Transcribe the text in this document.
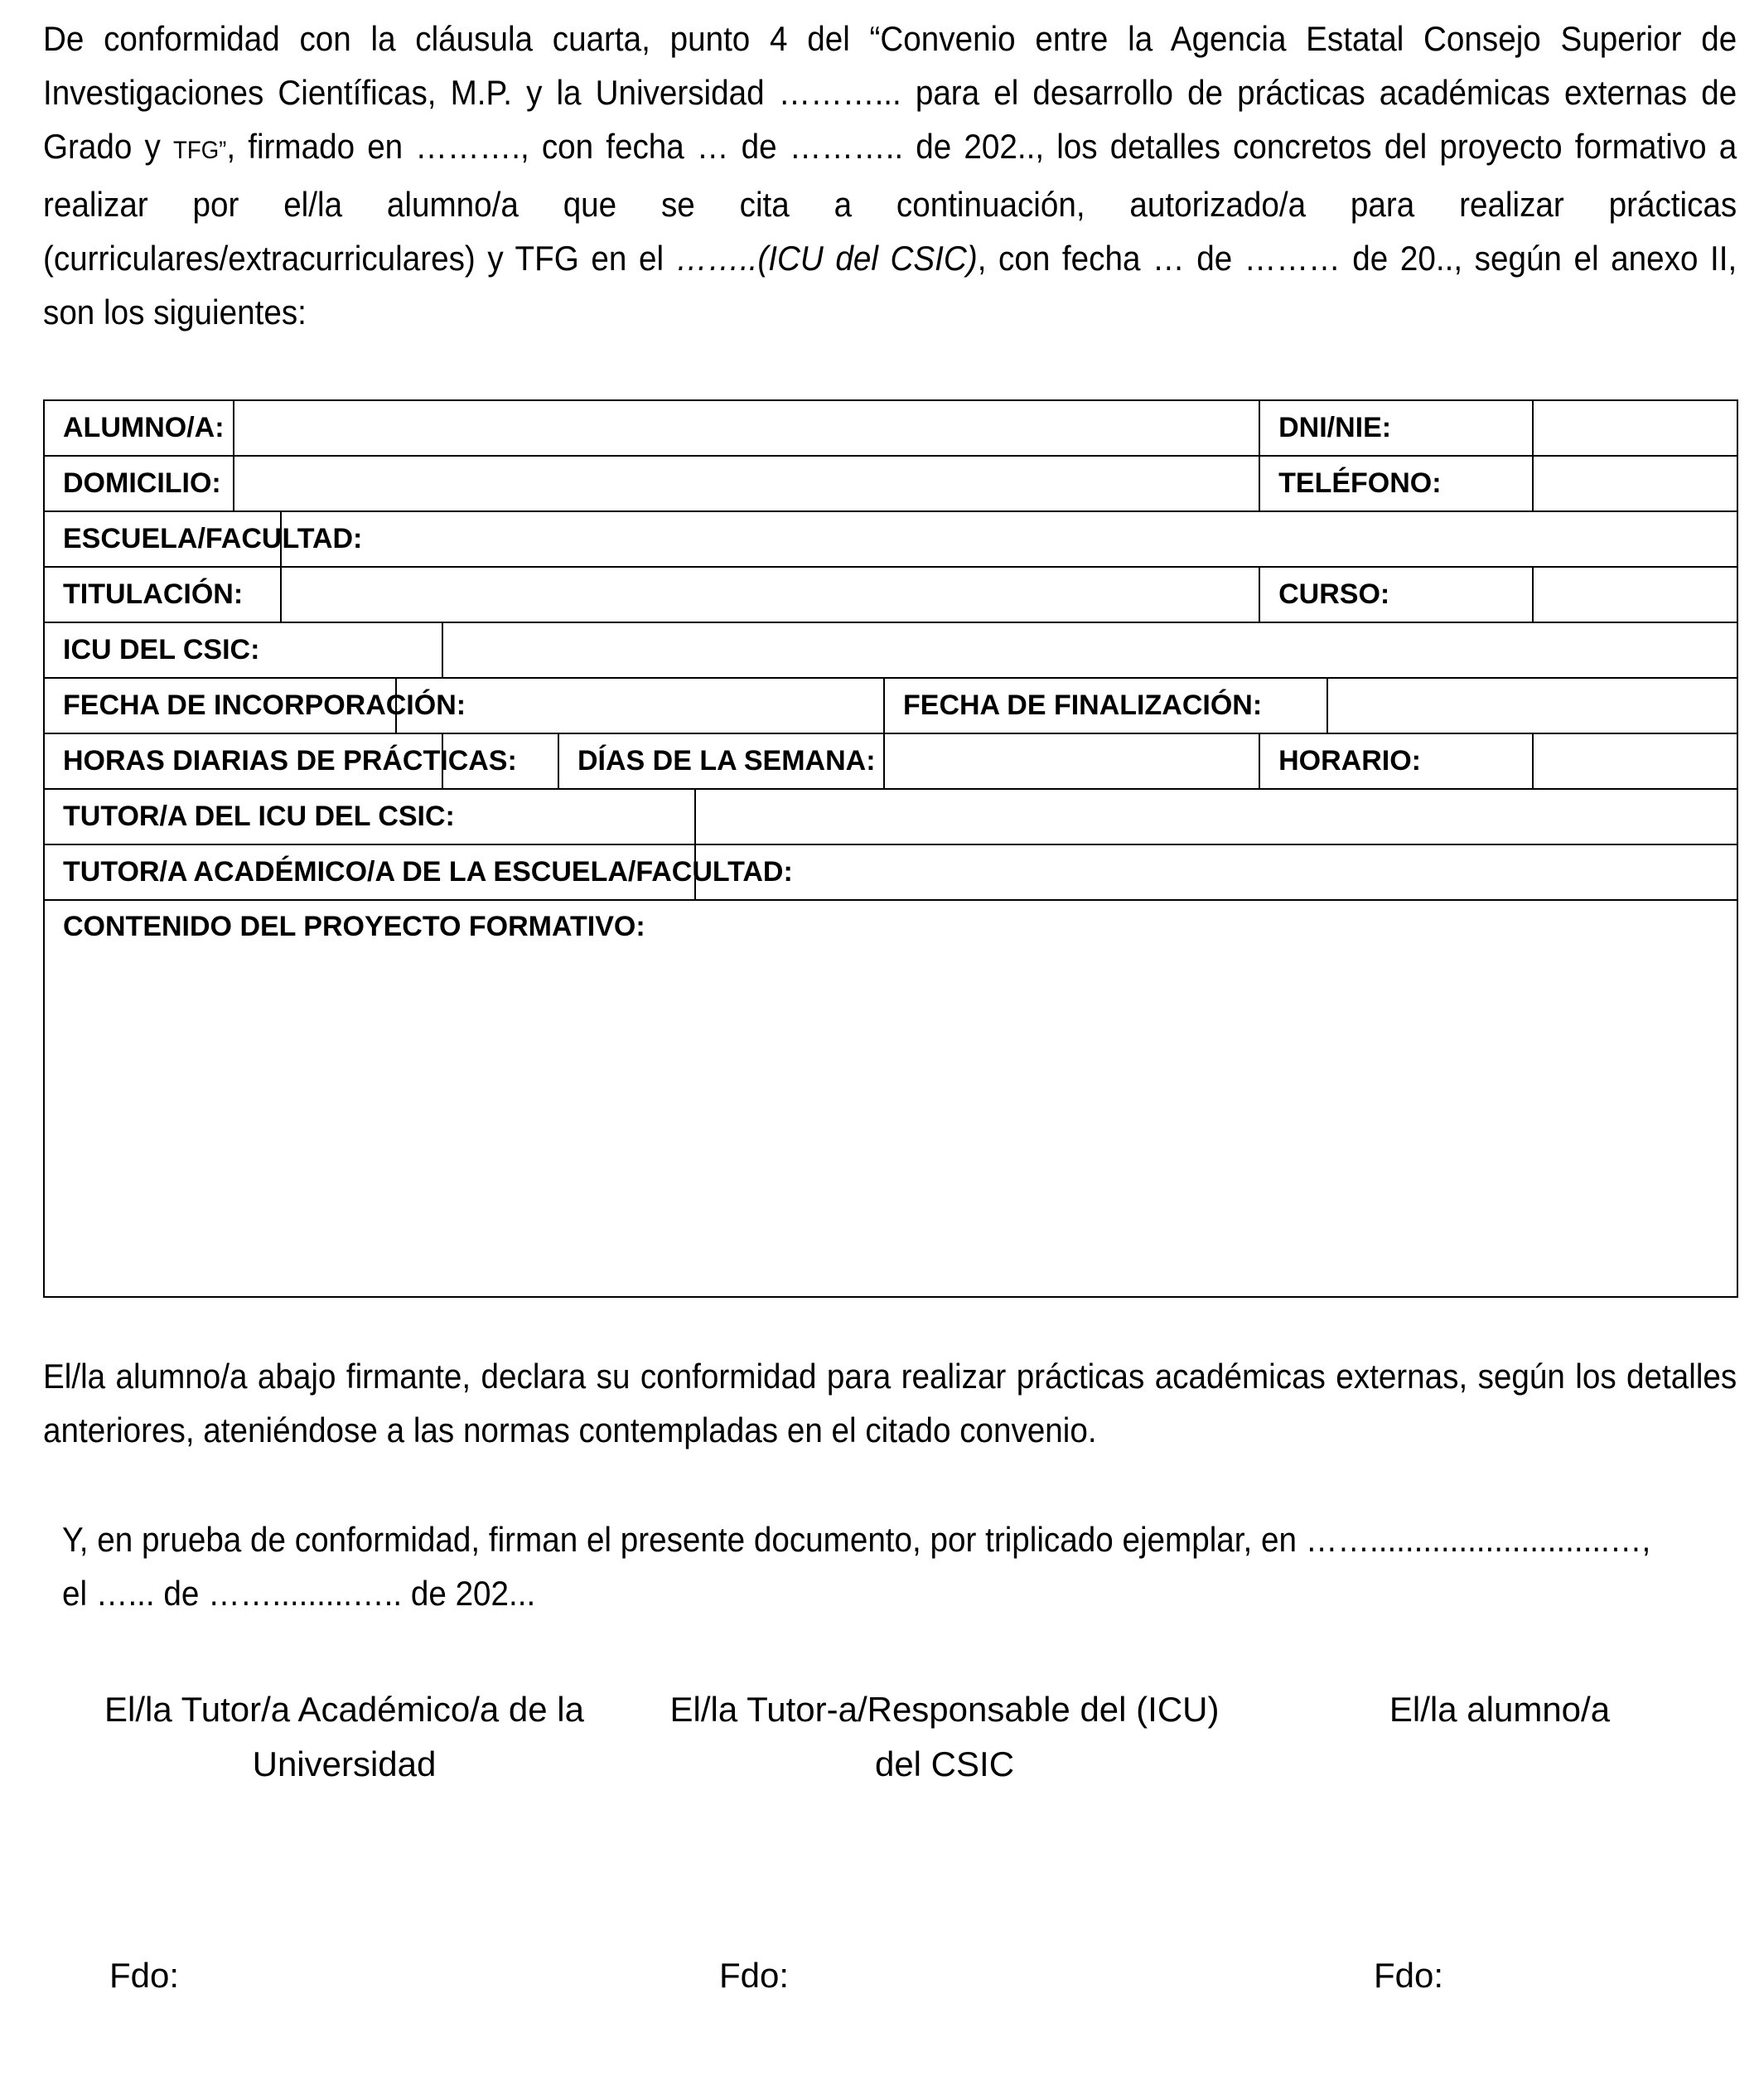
De conformidad con la cláusula cuarta, punto 4 del “Convenio entre la Agencia Estatal Consejo Superior de Investigaciones Científicas, M.P. y la Universidad ………... para el desarrollo de prácticas académicas externas de Grado y TFG”, firmado en ………., con fecha … de ……….. de 202.., los detalles concretos del proyecto formativo a realizar por el/la alumno/a que se cita a continuación, autorizado/a para realizar prácticas (curriculares/extracurriculares) y TFG en el ……..(ICU del CSIC), con fecha … de ……… de 20.., según el anexo II, son los siguientes:
ALUMNO/A:								DNI/NIE:		
DOMICILIO:								TELÉFONO:		
ESCUELA/FACULTAD:										
TITULACIÓN:								CURSO:		
ICU DEL CSIC:										
FECHA DE INCORPORACIÓN:							FECHA DE FINALIZACIÓN:			
HORAS DIARIAS DE PRÁCTICAS:					DÍAS DE LA SEMANA:			HORARIO:		
TUTOR/A DEL ICU DEL CSIC:										
TUTOR/A ACADÉMICO/A DE LA ESCUELA/FACULTAD:										
CONTENIDO DEL PROYECTO FORMATIVO:										
El/la alumno/a abajo firmante, declara su conformidad para realizar prácticas académicas externas, según los detalles anteriores, ateniéndose a las normas contempladas en el citado convenio.
Y, en prueba de conformidad, firman el presente documento, por triplicado ejemplar, en ……...........................…,
el …... de …….........….. de 202...
El/la Tutor/a Académico/a de la
Universidad
El/la Tutor-a/Responsable del (ICU)
del CSIC
El/la alumno/a
Fdo:	Fdo:	Fdo:
